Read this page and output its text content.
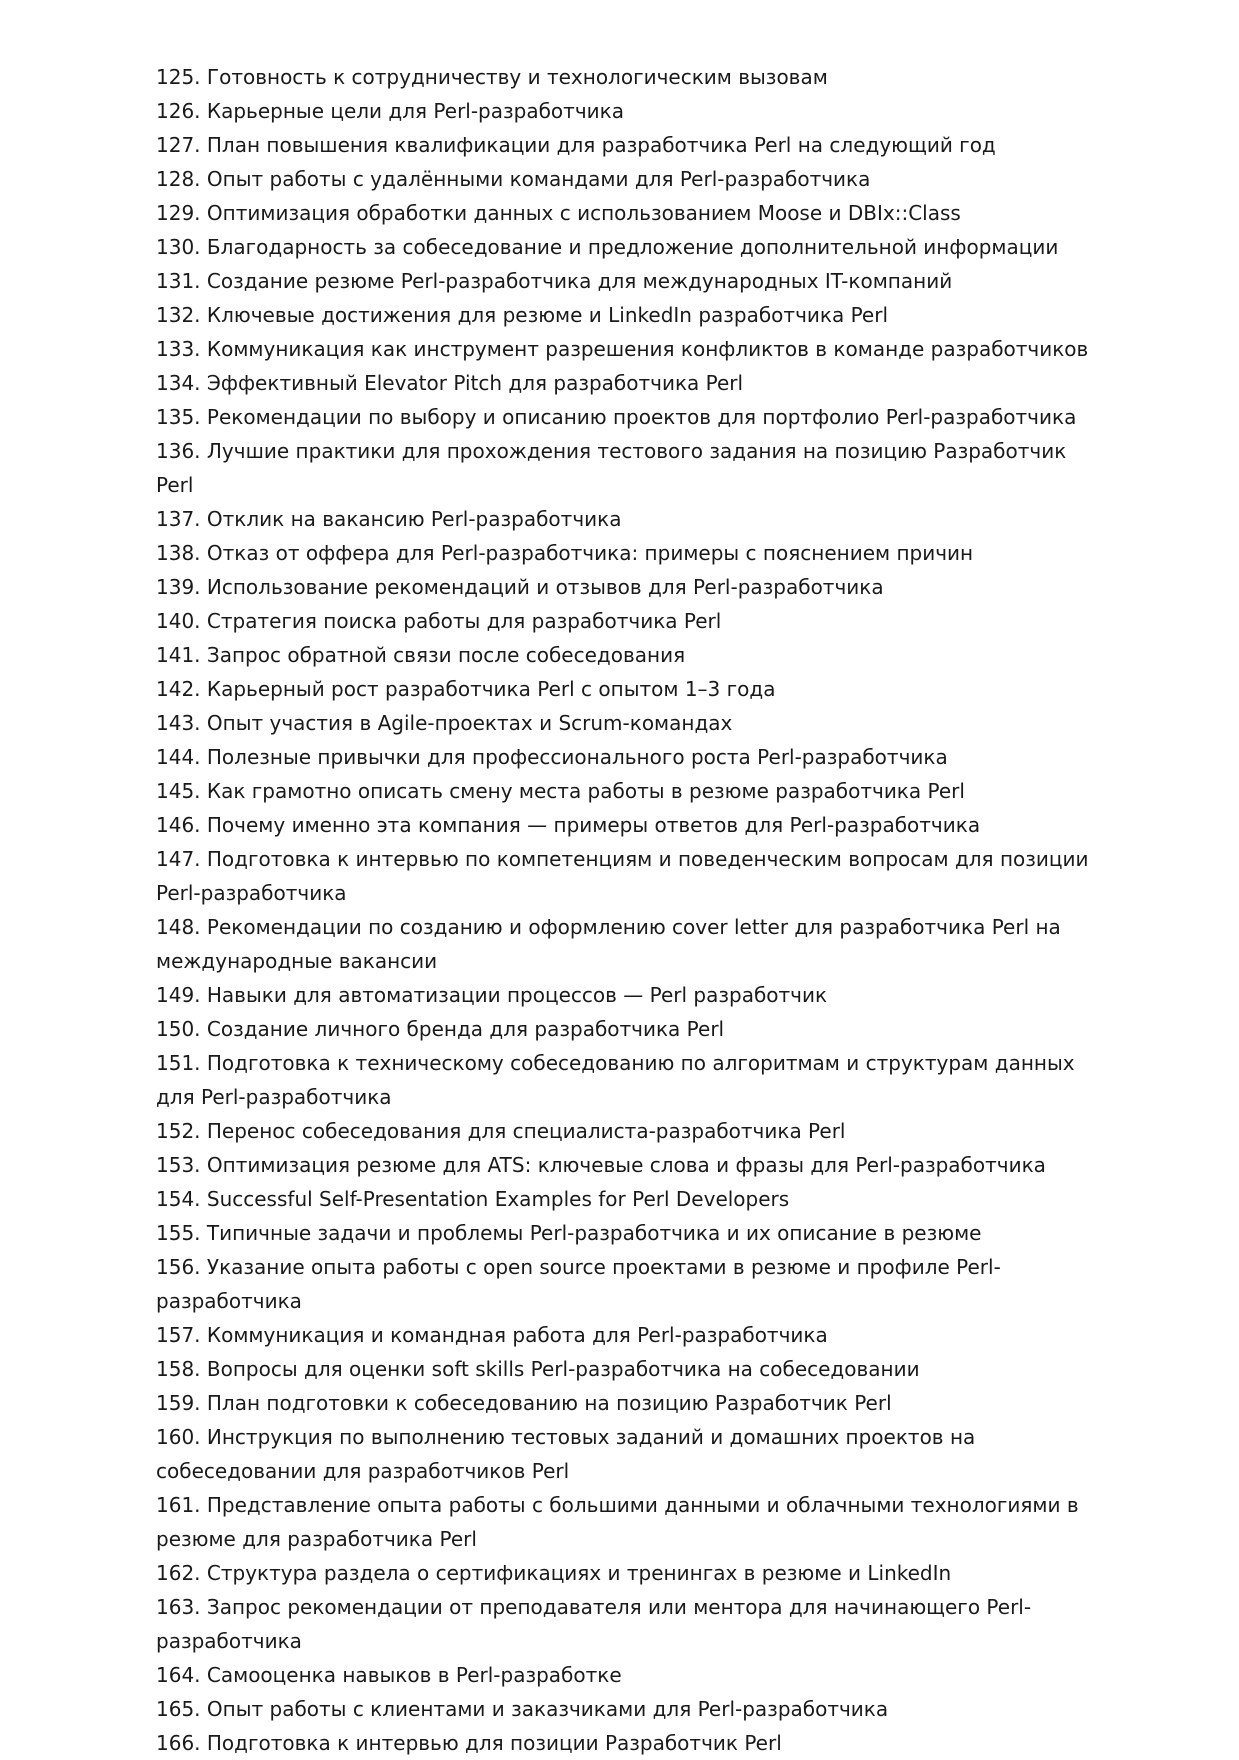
125. Готовность к сотрудничеству и технологическим вызовам
126. Карьерные цели для Perl-разработчика
127. План повышения квалификации для разработчика Perl на следующий год
128. Опыт работы с удалёнными командами для Perl-разработчика
129. Оптимизация обработки данных с использованием Moose и DBIx::Class
130. Благодарность за собеседование и предложение дополнительной информации
131. Создание резюме Perl-разработчика для международных IT-компаний
132. Ключевые достижения для резюме и LinkedIn разработчика Perl
133. Коммуникация как инструмент разрешения конфликтов в команде разработчиков
134. Эффективный Elevator Pitch для разработчика Perl
135. Рекомендации по выбору и описанию проектов для портфолио Perl-разработчика
136. Лучшие практики для прохождения тестового задания на позицию Разработчик Perl
137. Отклик на вакансию Perl-разработчика
138. Отказ от оффера для Perl-разработчика: примеры с пояснением причин
139. Использование рекомендаций и отзывов для Perl-разработчика
140. Стратегия поиска работы для разработчика Perl
141. Запрос обратной связи после собеседования
142. Карьерный рост разработчика Perl с опытом 1–3 года
143. Опыт участия в Agile-проектах и Scrum-командах
144. Полезные привычки для профессионального роста Perl-разработчика
145. Как грамотно описать смену места работы в резюме разработчика Perl
146. Почему именно эта компания — примеры ответов для Perl-разработчика
147. Подготовка к интервью по компетенциям и поведенческим вопросам для позиции Perl-разработчика
148. Рекомендации по созданию и оформлению cover letter для разработчика Perl на международные вакансии
149. Навыки для автоматизации процессов — Perl разработчик
150. Создание личного бренда для разработчика Perl
151. Подготовка к техническому собеседованию по алгоритмам и структурам данных для Perl-разработчика
152. Перенос собеседования для специалиста-разработчика Perl
153. Оптимизация резюме для ATS: ключевые слова и фразы для Perl-разработчика
154. Successful Self-Presentation Examples for Perl Developers
155. Типичные задачи и проблемы Perl-разработчика и их описание в резюме
156. Указание опыта работы с open source проектами в резюме и профиле Perl-разработчика
157. Коммуникация и командная работа для Perl-разработчика
158. Вопросы для оценки soft skills Perl-разработчика на собеседовании
159. План подготовки к собеседованию на позицию Разработчик Perl
160. Инструкция по выполнению тестовых заданий и домашних проектов на собеседовании для разработчиков Perl
161. Представление опыта работы с большими данными и облачными технологиями в резюме для разработчика Perl
162. Структура раздела о сертификациях и тренингах в резюме и LinkedIn
163. Запрос рекомендации от преподавателя или ментора для начинающего Perl-разработчика
164. Самооценка навыков в Perl-разработке
165. Опыт работы с клиентами и заказчиками для Perl-разработчика
166. Подготовка к интервью для позиции Разработчик Perl
